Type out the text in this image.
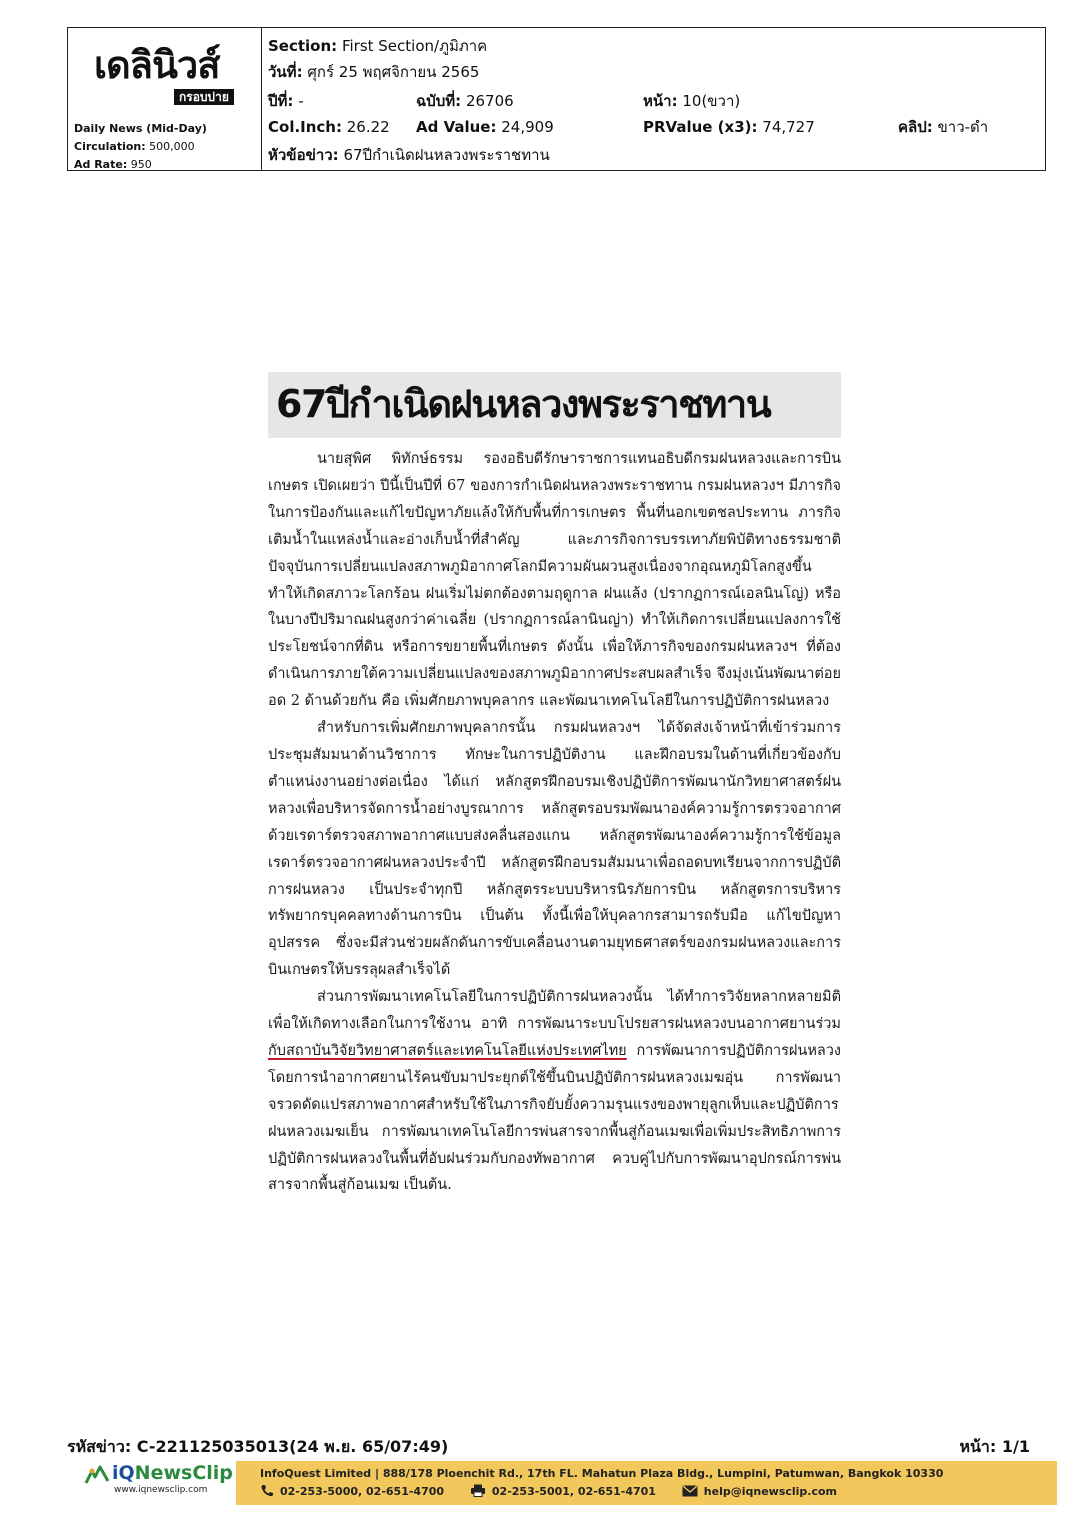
เดลินิวส์
กรอบบ่าย
Daily News (Mid-Day)
Circulation: 500,000
Ad Rate: 950
Section: First Section/ภูมิภาค
วันที่: ศุกร์ 25 พฤศจิกายน 2565
ปีที่: -	ฉบับที่: 26706	หน้า: 10(ขวา)
Col.Inch: 26.22 Ad Value: 24,909	PRValue (x3): 74,727	คลิป: ขาว-ดำ
หัวข้อข่าว: 67ปีกำเนิดฝนหลวงพระราชทาน
67ปีกำเนิดฝนหลวงพระราชทาน

นายสุพิศ พิทักษ์ธรรม รองอธิบดีรักษาราชการแทนอธิบดีกรมฝนหลวงและการบินเกษตร เปิดเผยว่า ปีนี้เป็นปีที่ 67 ของการกำเนิดฝนหลวงพระราชทาน กรมฝนหลวงฯ มีภารกิจในการป้องกันและแก้ไขปัญหาภัยแล้งให้กับพื้นที่การเกษตร พื้นที่นอกเขตชลประทาน ภารกิจเติมน้ำในแหล่งน้ำและอ่างเก็บน้ำที่สำคัญ และภารกิจการบรรเทาภัยพิบัติทางธรรมชาติ ปัจจุบันการเปลี่ยนแปลงสภาพภูมิอากาศโลกมีความผันผวนสูงเนื่องจากอุณหภูมิโลกสูงขึ้นทำให้เกิดสภาวะโลกร้อน ฝนเริ่มไม่ตกต้องตามฤดูกาล ฝนแล้ง (ปรากฏการณ์เอลนินโญ่) หรือในบางปีปริมาณฝนสูงกว่าค่าเฉลี่ย (ปรากฏการณ์ลานินญ่า) ทำให้เกิดการเปลี่ยนแปลงการใช้ประโยชน์จากที่ดิน หรือการขยายพื้นที่เกษตร ดังนั้น เพื่อให้ภารกิจของกรมฝนหลวงฯ ที่ต้องดำเนินการภายใต้ความเปลี่ยนแปลงของสภาพภูมิอากาศประสบผลสำเร็จ จึงมุ่งเน้นพัฒนาต่อยอด 2 ด้านด้วยกัน คือ เพิ่มศักยภาพบุคลากร และพัฒนาเทคโนโลยีในการปฏิบัติการฝนหลวง

สำหรับการเพิ่มศักยภาพบุคลากรนั้น กรมฝนหลวงฯ ได้จัดส่งเจ้าหน้าที่เข้าร่วมการประชุมสัมมนาด้านวิชาการ ทักษะในการปฏิบัติงาน และฝึกอบรมในด้านที่เกี่ยวข้องกับตำแหน่งงานอย่างต่อเนื่อง ได้แก่ หลักสูตรฝึกอบรมเชิงปฏิบัติการพัฒนานักวิทยาศาสตร์ฝนหลวงเพื่อบริหารจัดการน้ำอย่างบูรณาการ หลักสูตรอบรมพัฒนาองค์ความรู้การตรวจอากาศด้วยเรดาร์ตรวจสภาพอากาศแบบส่งคลื่นสองแกน หลักสูตรพัฒนาองค์ความรู้การใช้ข้อมูลเรดาร์ตรวจอากาศฝนหลวงประจำปี หลักสูตรฝึกอบรมสัมมนาเพื่อถอดบทเรียนจากการปฏิบัติการฝนหลวง เป็นประจำทุกปี หลักสูตรระบบบริหารนิรภัยการบิน หลักสูตรการบริหารทรัพยากรบุคคลทางด้านการบิน เป็นต้น ทั้งนี้เพื่อให้บุคลากรสามารถรับมือ แก้ไขปัญหาอุปสรรค ซึ่งจะมีส่วนช่วยผลักดันการขับเคลื่อนงานตามยุทธศาสตร์ของกรมฝนหลวงและการบินเกษตรให้บรรลุผลสำเร็จได้

ส่วนการพัฒนาเทคโนโลยีในการปฏิบัติการฝนหลวงนั้น ได้ทำการวิจัยหลากหลายมิติเพื่อให้เกิดทางเลือกในการใช้งาน อาทิ การพัฒนาระบบโปรยสารฝนหลวงบนอากาศยานร่วมกับสถาบันวิจัยวิทยาศาสตร์และเทคโนโลยีแห่งประเทศไทย การพัฒนาการปฏิบัติการฝนหลวงโดยการนำอากาศยานไร้คนขับมาประยุกต์ใช้ขึ้นบินปฏิบัติการฝนหลวงเมฆอุ่น การพัฒนาจรวดดัดแปรสภาพอากาศสำหรับใช้ในภารกิจยับยั้งความรุนแรงของพายุลูกเห็บและปฏิบัติการฝนหลวงเมฆเย็น การพัฒนาเทคโนโลยีการพ่นสารจากพื้นสู่ก้อนเมฆเพื่อเพิ่มประสิทธิภาพการปฏิบัติการฝนหลวงในพื้นที่อับฝนร่วมกับกองทัพอากาศ ควบคู่ไปกับการพัฒนาอุปกรณ์การพ่นสารจากพื้นสู่ก้อนเมฆ เป็นต้น.

รหัสข่าว: C-221125035013(24 พ.ย. 65/07:49)	หน้า: 1/1
iQNewsClip
www.iqnewsclip.com
InfoQuest Limited | 888/178 Ploenchit Rd., 17th FL. Mahatun Plaza Bldg., Lumpini, Patumwan, Bangkok 10330
02-253-5000, 02-651-4700	02-253-5001, 02-651-4701	help@iqnewsclip.com
